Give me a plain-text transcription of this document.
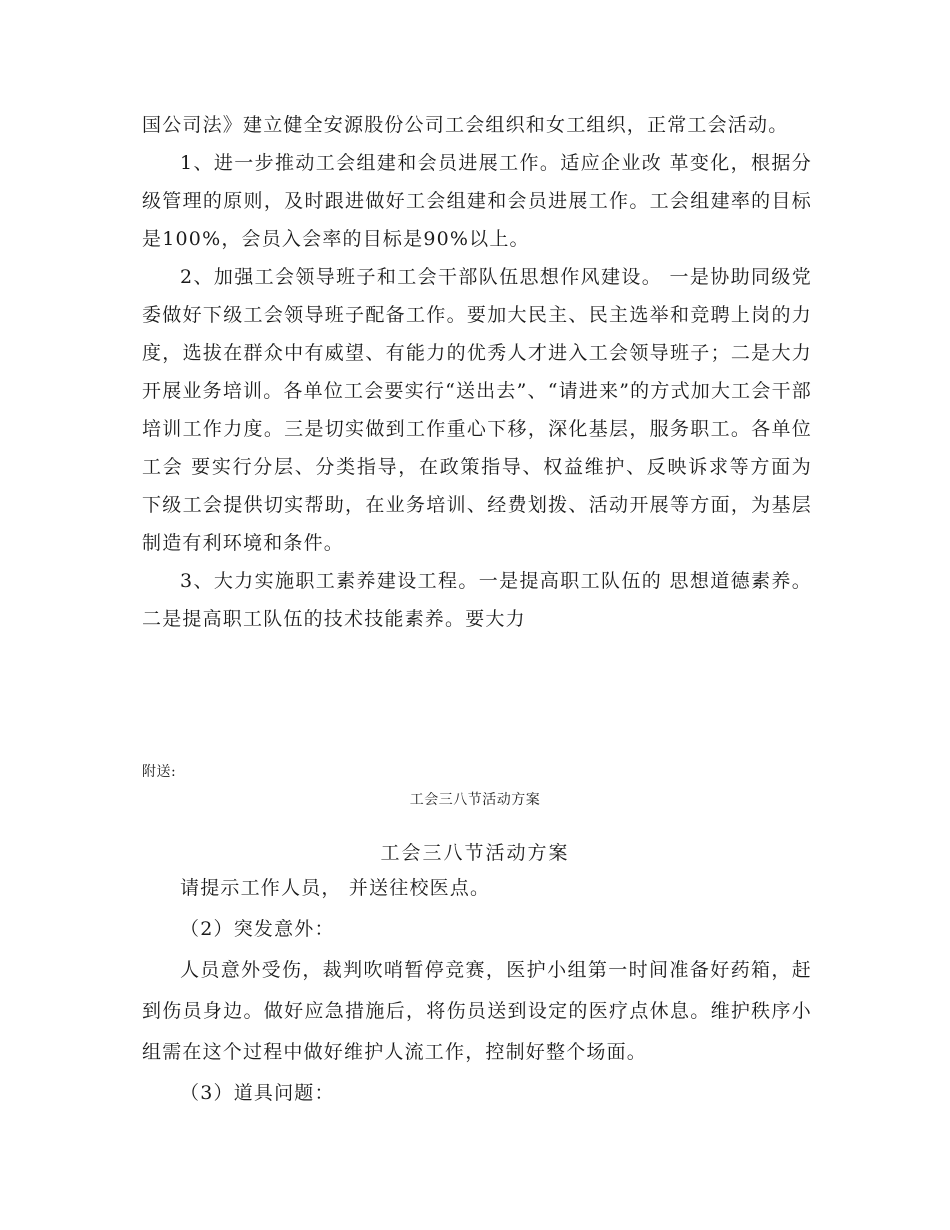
国公司法》建立健全安源股份公司工会组织和女工组织，正常工会活动。

1、进一步推动工会组建和会员进展工作。适应企业改 革变化，根据分级管理的原则，及时跟进做好工会组建和会员进展工作。工会组建率的目标是100%，会员入会率的目标是90%以上。

2、加强工会领导班子和工会干部队伍思想作风建设。 一是协助同级党委做好下级工会领导班子配备工作。要加大民主、民主选举和竞聘上岗的力度，选拔在群众中有威望、有能力的优秀人才进入工会领导班子；二是大力开展业务培训。各单位工会要实行“送出去”、“请进来”的方式加大工会干部培训工作力度。三是切实做到工作重心下移，深化基层，服务职工。各单位工会 要实行分层、分类指导，在政策指导、权益维护、反映诉求等方面为下级工会提供切实帮助，在业务培训、经费划拨、活动开展等方面，为基层制造有利环境和条件。

3、大力实施职工素养建设工程。一是提高职工队伍的 思想道德素养。二是提高职工队伍的技术技能素养。要大力

附送:
工会三八节活动方案
工会三八节活动方案

请提示工作人员， 并送往校医点。

（2）突发意外：

人员意外受伤，裁判吹哨暂停竞赛，医护小组第一时间准备好药箱，赶到伤员身边。做好应急措施后，将伤员送到设定的医疗点休息。维护秩序小组需在这个过程中做好维护人流工作，控制好整个场面。

（3）道具问题：
